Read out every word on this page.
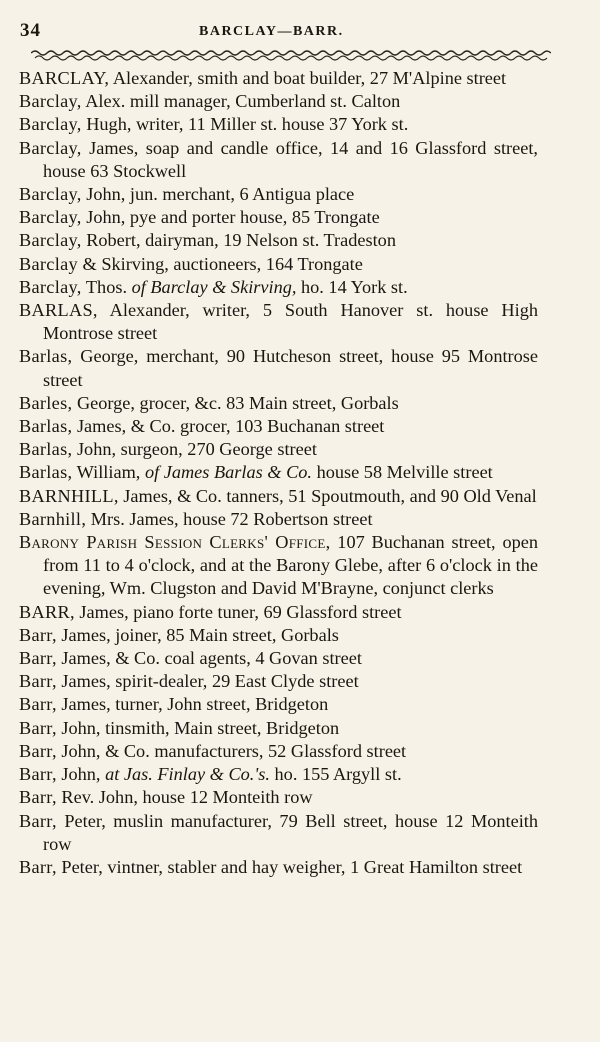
34	BARCLAY—BARR.
BARCLAY, Alexander, smith and boat builder, 27 M'Alpine street
Barclay, Alex. mill manager, Cumberland st. Calton
Barclay, Hugh, writer, 11 Miller st. house 37 York st.
Barclay, James, soap and candle office, 14 and 16 Glassford street, house 63 Stockwell
Barclay, John, jun. merchant, 6 Antigua place
Barclay, John, pye and porter house, 85 Trongate
Barclay, Robert, dairyman, 19 Nelson st. Tradeston
Barclay & Skirving, auctioneers, 164 Trongate
Barclay, Thos. of Barclay & Skirving, ho. 14 York st.
BARLAS, Alexander, writer, 5 South Hanover st. house High Montrose street
Barlas, George, merchant, 90 Hutcheson street, house 95 Montrose street
Barles, George, grocer, &c. 83 Main street, Gorbals
Barlas, James, & Co. grocer, 103 Buchanan street
Barlas, John, surgeon, 270 George street
Barlas, William, of James Barlas & Co. house 58 Melville street
BARNHILL, James, & Co. tanners, 51 Spoutmouth, and 90 Old Venal
Barnhill, Mrs. James, house 72 Robertson street
Barony Parish Session Clerks' Office, 107 Buchanan street, open from 11 to 4 o'clock, and at the Barony Glebe, after 6 o'clock in the evening, Wm. Clugston and David M'Brayne, conjunct clerks
BARR, James, piano forte tuner, 69 Glassford street
Barr, James, joiner, 85 Main street, Gorbals
Barr, James, & Co. coal agents, 4 Govan street
Barr, James, spirit-dealer, 29 East Clyde street
Barr, James, turner, John street, Bridgeton
Barr, John, tinsmith, Main street, Bridgeton
Barr, John, & Co. manufacturers, 52 Glassford street
Barr, John, at Jas. Finlay & Co.'s. ho. 155 Argyll st.
Barr, Rev. John, house 12 Monteith row
Barr, Peter, muslin manufacturer, 79 Bell street, house 12 Monteith row
Barr, Peter, vintner, stabler and hay weigher, 1 Great Hamilton street
